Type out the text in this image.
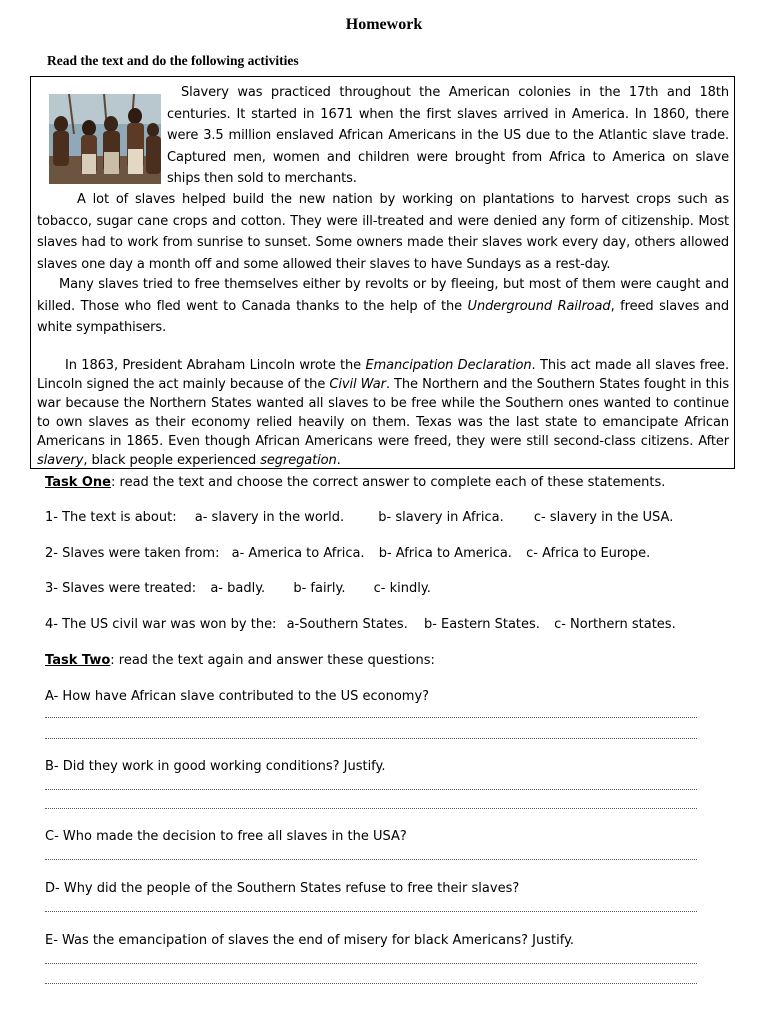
Homework
Read the text and do the following activities
Slavery was practiced throughout the American colonies in the 17th and 18th centuries. It started in 1671 when the first slaves arrived in America. In 1860, there were 3.5 million enslaved African Americans in the US due to the Atlantic slave trade. Captured men, women and children were brought from Africa to America on slave ships then sold to merchants.
A lot of slaves helped build the new nation by working on plantations to harvest crops such as tobacco, sugar cane crops and cotton. They were ill-treated and were denied any form of citizenship. Most slaves had to work from sunrise to sunset. Some owners made their slaves work every day, others allowed slaves one day a month off and some allowed their slaves to have Sundays as a rest-day.
Many slaves tried to free themselves either by revolts or by fleeing, but most of them were caught and killed. Those who fled went to Canada thanks to the help of the Underground Railroad, freed slaves and white sympathisers.
In 1863, President Abraham Lincoln wrote the Emancipation Declaration. This act made all slaves free. Lincoln signed the act mainly because of the Civil War. The Northern and the Southern States fought in this war because the Northern States wanted all slaves to be free while the Southern ones wanted to continue to own slaves as their economy relied heavily on them. Texas was the last state to emancipate African Americans in 1865. Even though African Americans were freed, they were still second-class citizens. After slavery, black people experienced segregation.
Task One: read the text and choose the correct answer to complete each of these statements.
1- The text is about: a- slavery in the world.	b- slavery in Africa. c- slavery in the USA.
2- Slaves were taken from: a- America to Africa. b- Africa to America. c- Africa to Europe.
3- Slaves were treated: a- badly. b- fairly. c- kindly.
4- The US civil war was won by the: a-Southern States. b- Eastern States. c- Northern states.
Task Two: read the text again and answer these questions:
A- How have African slave contributed to the US economy?
B- Did they work in good working conditions? Justify.
C- Who made the decision to free all slaves in the USA?
D- Why did the people of the Southern States refuse to free their slaves?
E- Was the emancipation of slaves the end of misery for black Americans? Justify.
